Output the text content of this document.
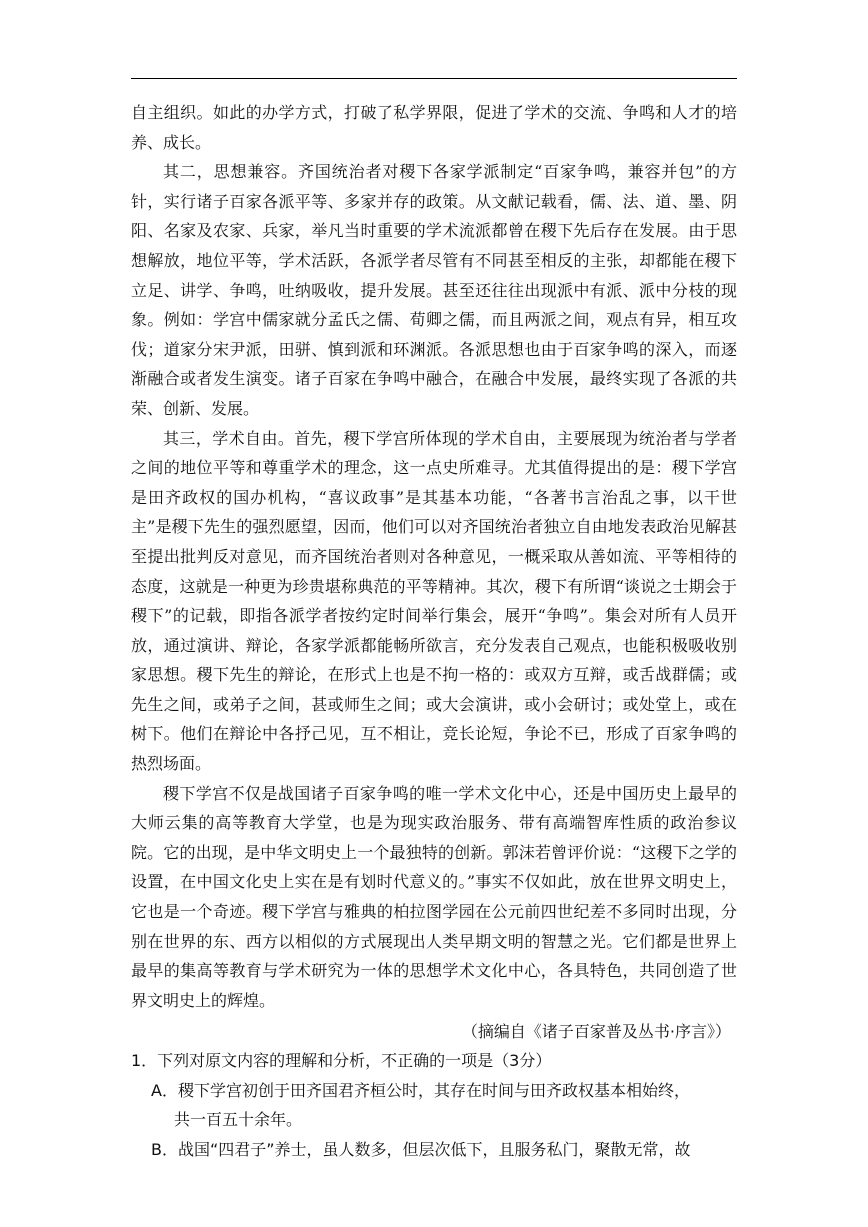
自主组织。如此的办学方式，打破了私学界限，促进了学术的交流、争鸣和人才的培养、成长。

其二，思想兼容。齐国统治者对稷下各家学派制定“百家争鸣，兼容并包”的方针，实行诸子百家各派平等、多家并存的政策。从文献记载看，儒、法、道、墨、阴阳、名家及农家、兵家，举凡当时重要的学术流派都曾在稷下先后存在发展。由于思想解放，地位平等，学术活跃，各派学者尽管有不同甚至相反的主张，却都能在稷下立足、讲学、争鸣，吐纳吸收，提升发展。甚至还往往出现派中有派、派中分枝的现象。例如：学宫中儒家就分孟氏之儒、荀卿之儒，而且两派之间，观点有异，相互攻伐；道家分宋尹派，田骈、慎到派和环渊派。各派思想也由于百家争鸣的深入，而逐渐融合或者发生演变。诸子百家在争鸣中融合，在融合中发展，最终实现了各派的共荣、创新、发展。

其三，学术自由。首先，稷下学宫所体现的学术自由，主要展现为统治者与学者之间的地位平等和尊重学术的理念，这一点史所难寻。尤其值得提出的是：稷下学宫是田齐政权的国办机构，“喜议政事”是其基本功能，“各著书言治乱之事，以干世主”是稷下先生的强烈愿望，因而，他们可以对齐国统治者独立自由地发表政治见解甚至提出批判反对意见，而齐国统治者则对各种意见，一概采取从善如流、平等相待的态度，这就是一种更为珍贵堪称典范的平等精神。其次，稷下有所谓“谈说之士期会于稷下”的记载，即指各派学者按约定时间举行集会，展开“争鸣”。集会对所有人员开放，通过演讲、辩论，各家学派都能畅所欲言，充分发表自己观点，也能积极吸收别家思想。稷下先生的辩论，在形式上也是不拘一格的：或双方互辩，或舌战群儒；或先生之间，或弟子之间，甚或师生之间；或大会演讲，或小会研讨；或处堂上，或在树下。他们在辩论中各抒己见，互不相让，竞长论短，争论不已，形成了百家争鸣的热烈场面。

稷下学宫不仅是战国诸子百家争鸣的唯一学术文化中心，还是中国历史上最早的大师云集的高等教育大学堂，也是为现实政治服务、带有高端智库性质的政治参议院。它的出现，是中华文明史上一个最独特的创新。郭沫若曾评价说：“这稷下之学的设置，在中国文化史上实在是有划时代意义的。”事实不仅如此，放在世界文明史上，它也是一个奇迹。稷下学宫与雅典的柏拉图学园在公元前四世纪差不多同时出现，分别在世界的东、西方以相似的方式展现出人类早期文明的智慧之光。它们都是世界上最早的集高等教育与学术研究为一体的思想学术文化中心，各具特色，共同创造了世界文明史上的辉煌。

（摘编自《诸子百家普及丛书·序言》）

1．下列对原文内容的理解和分析，不正确的一项是（3分）

A．稷下学宫初创于田齐国君齐桓公时，其存在时间与田齐政权基本相始终，

共一百五十余年。

B．战国“四君子”养士，虽人数多，但层次低下，且服务私门，聚散无常，故
